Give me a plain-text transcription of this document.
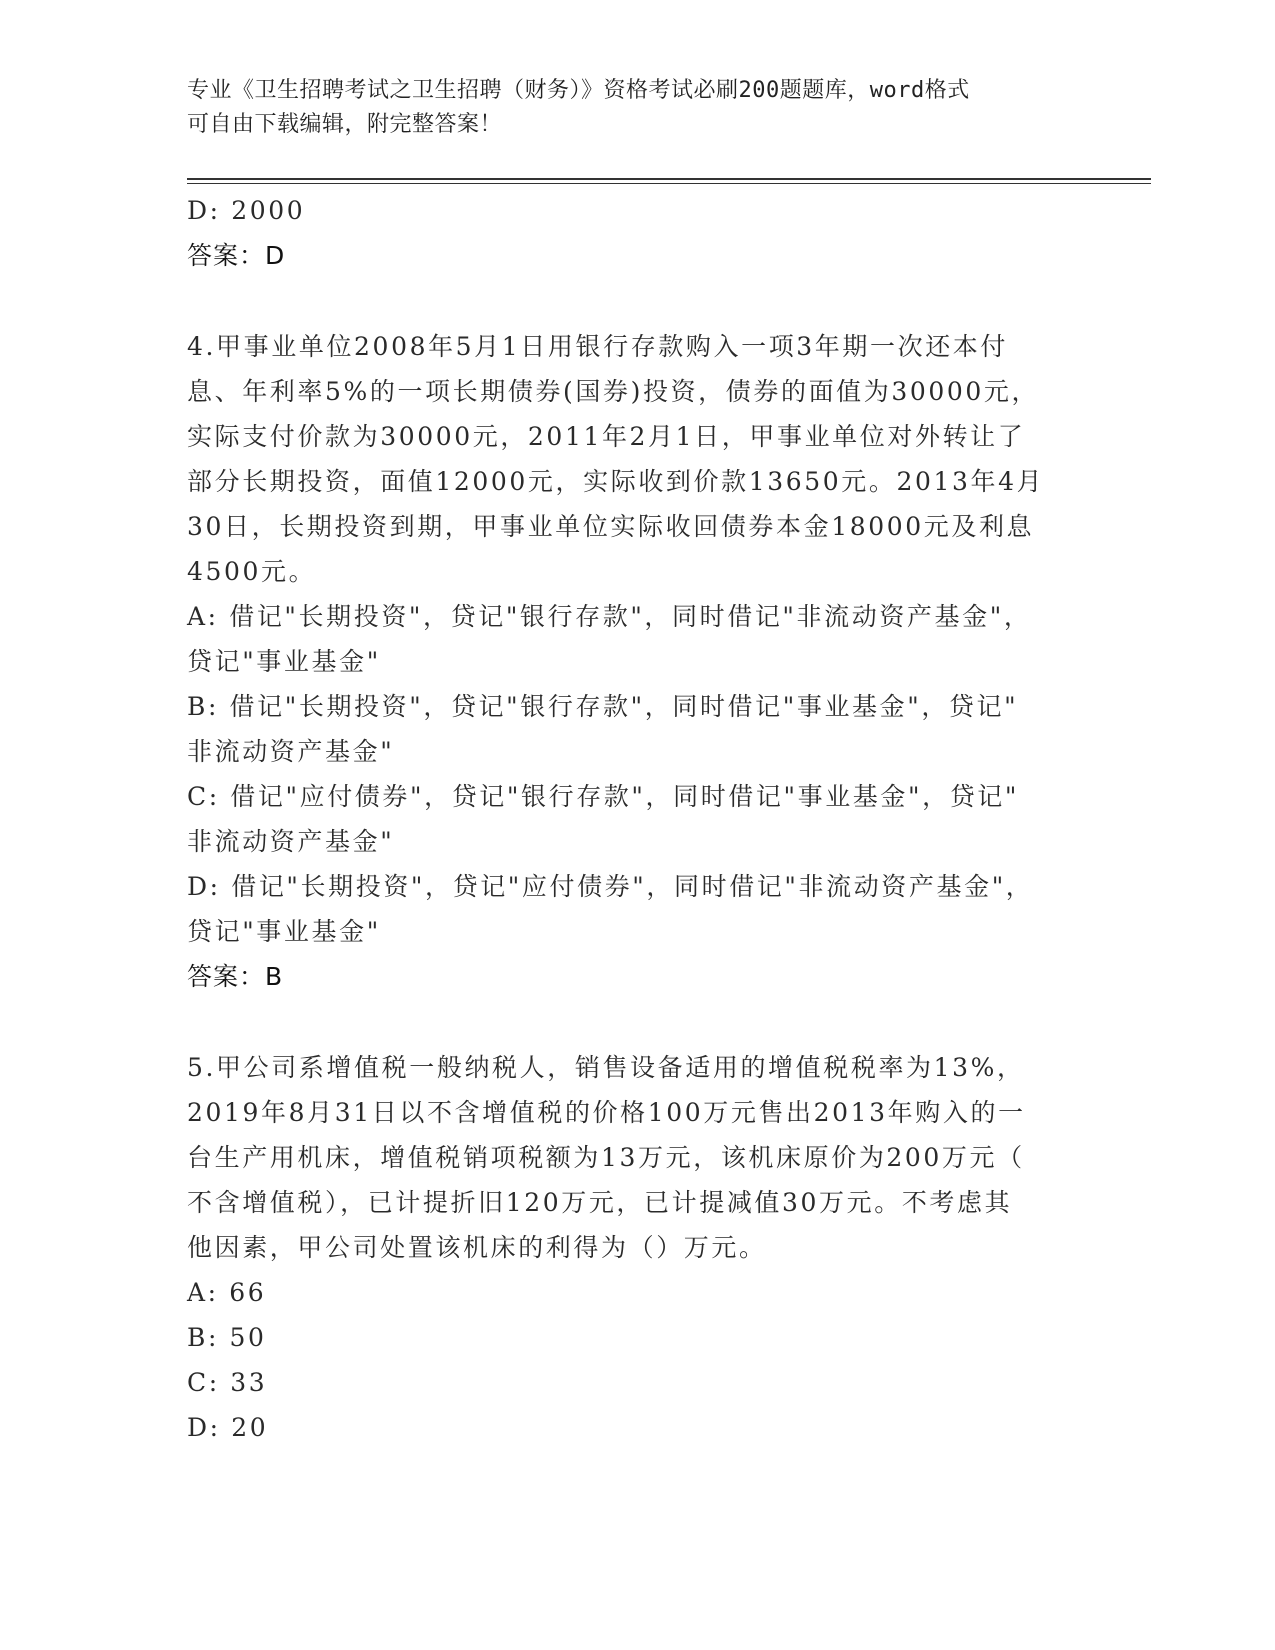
专业《卫生招聘考试之卫生招聘（财务）》资格考试必刷200题题库，word格式
可自由下载编辑，附完整答案！
D: 2000
答案：D
4.甲事业单位2008年5月1日用银行存款购入一项3年期一次还本付
息、年利率5%的一项长期债券(国券)投资，债券的面值为30000元，
实际支付价款为30000元，2011年2月1日，甲事业单位对外转让了
部分长期投资，面值12000元，实际收到价款13650元。2013年4月
30日，长期投资到期，甲事业单位实际收回债券本金18000元及利息
4500元。
A: 借记"长期投资"，贷记"银行存款"，同时借记"非流动资产基金"，
贷记"事业基金"
B: 借记"长期投资"，贷记"银行存款"，同时借记"事业基金"，贷记"
非流动资产基金"
C: 借记"应付债券"，贷记"银行存款"，同时借记"事业基金"，贷记"
非流动资产基金"
D: 借记"长期投资"，贷记"应付债券"，同时借记"非流动资产基金"，
贷记"事业基金"
答案：B
5.甲公司系增值税一般纳税人，销售设备适用的增值税税率为13%，
2019年8月31日以不含增值税的价格100万元售出2013年购入的一
台生产用机床，增值税销项税额为13万元，该机床原价为200万元（
不含增值税），已计提折旧120万元，已计提减值30万元。不考虑其
他因素，甲公司处置该机床的利得为（）万元。
A: 66
B: 50
C: 33
D: 20
